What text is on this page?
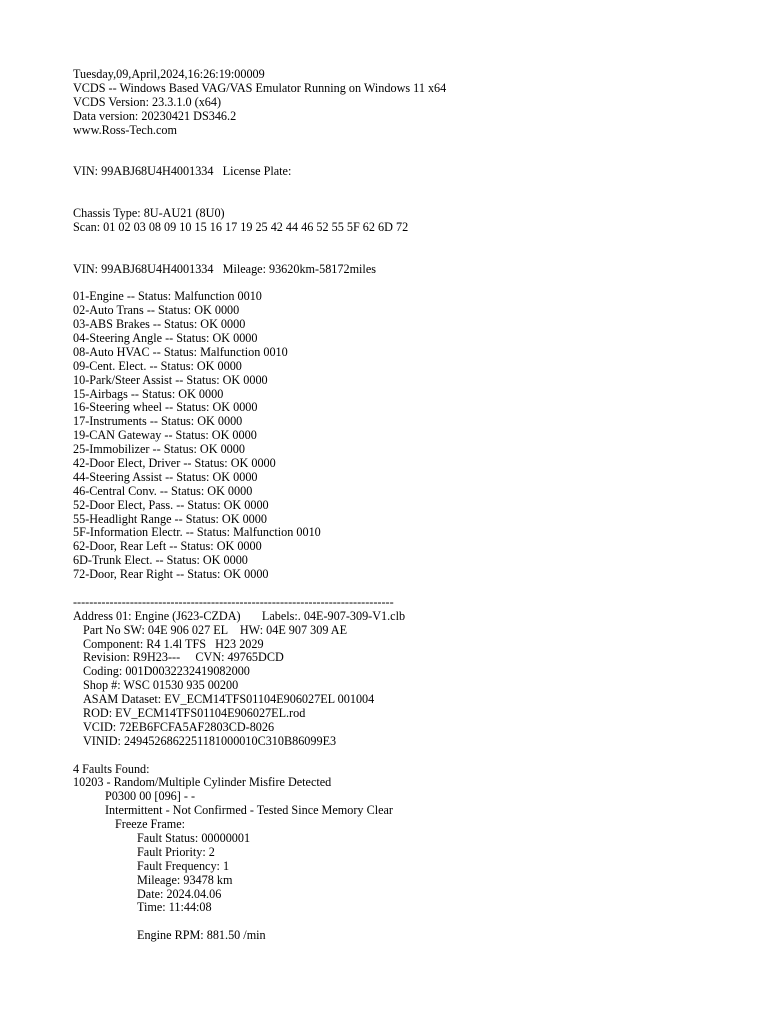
Tuesday,09,April,2024,16:26:19:00009
VCDS -- Windows Based VAG/VAS Emulator Running on Windows 11 x64
VCDS Version: 23.3.1.0 (x64)
Data version: 20230421 DS346.2
www.Ross-Tech.com
VIN: 99ABJ68U4H4001334   License Plate:
Chassis Type: 8U-AU21 (8U0)
Scan: 01 02 03 08 09 10 15 16 17 19 25 42 44 46 52 55 5F 62 6D 72
VIN: 99ABJ68U4H4001334   Mileage: 93620km-58172miles
01-Engine -- Status: Malfunction 0010
02-Auto Trans -- Status: OK 0000
03-ABS Brakes -- Status: OK 0000
04-Steering Angle -- Status: OK 0000
08-Auto HVAC -- Status: Malfunction 0010
09-Cent. Elect. -- Status: OK 0000
10-Park/Steer Assist -- Status: OK 0000
15-Airbags -- Status: OK 0000
16-Steering wheel -- Status: OK 0000
17-Instruments -- Status: OK 0000
19-CAN Gateway -- Status: OK 0000
25-Immobilizer -- Status: OK 0000
42-Door Elect, Driver -- Status: OK 0000
44-Steering Assist -- Status: OK 0000
46-Central Conv. -- Status: OK 0000
52-Door Elect, Pass. -- Status: OK 0000
55-Headlight Range -- Status: OK 0000
5F-Information Electr. -- Status: Malfunction 0010
62-Door, Rear Left -- Status: OK 0000
6D-Trunk Elect. -- Status: OK 0000
72-Door, Rear Right -- Status: OK 0000
-------------------------------------------------------------------------------
Address 01: Engine (J623-CZDA)       Labels:. 04E-907-309-V1.clb
Part No SW: 04E 906 027 EL    HW: 04E 907 309 AE
Component: R4 1.4l TFS   H23 2029
Revision: R9H23---     CVN: 49765DCD
Coding: 001D0032232419082000
Shop #: WSC 01530 935 00200
ASAM Dataset: EV_ECM14TFS01104E906027EL 001004
ROD: EV_ECM14TFS01104E906027EL.rod
VCID: 72EB6FCFA5AF2803CD-8026
VINID: 2494526862251181000010C310B86099E3
4 Faults Found:
10203 - Random/Multiple Cylinder Misfire Detected
P0300 00 [096] - -
Intermittent - Not Confirmed - Tested Since Memory Clear
Freeze Frame:
Fault Status: 00000001
Fault Priority: 2
Fault Frequency: 1
Mileage: 93478 km
Date: 2024.04.06
Time: 11:44:08
Engine RPM: 881.50 /min
